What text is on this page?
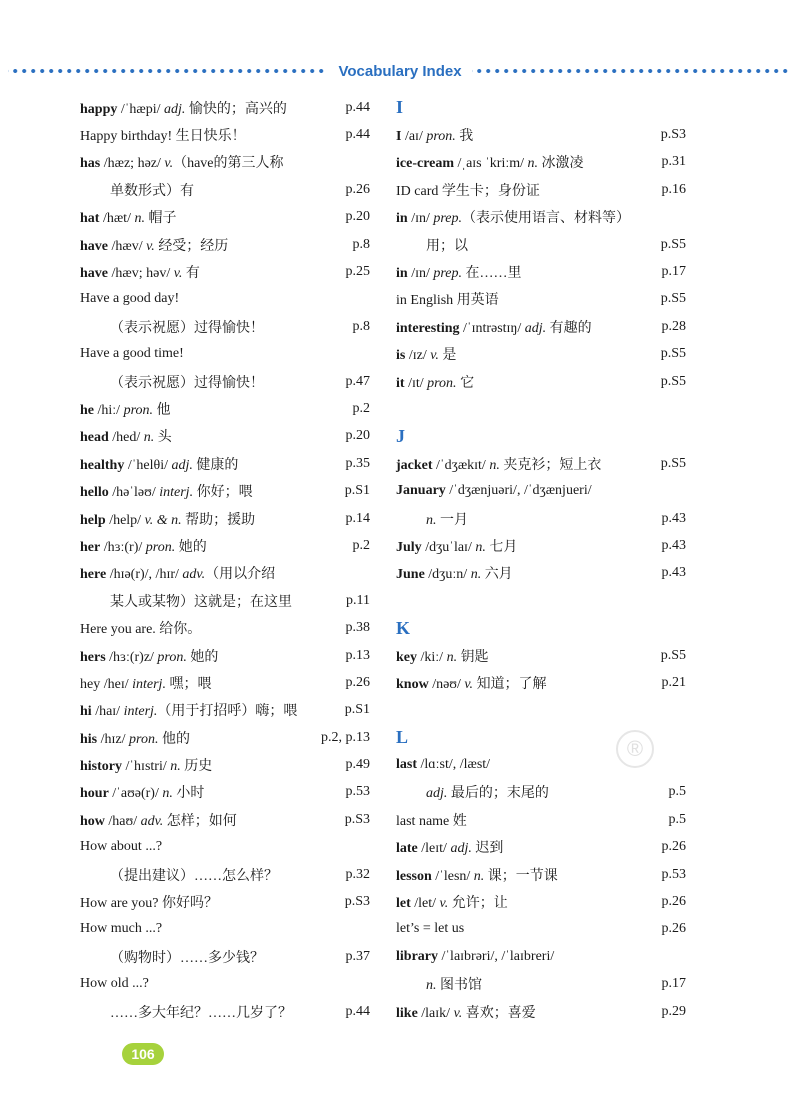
Vocabulary Index
happy /ˈhæpi/ adj. 愉快的；高兴的	p.44
Happy birthday! 生日快乐！	p.44
has /hæz; həz/ v.（have的第三人称
单数形式）有	p.26
hat /hæt/ n. 帽子	p.20
have /hæv/ v. 经受；经历	p.8
have /hæv; həv/ v. 有	p.25
Have a good day!
（表示祝愿）过得愉快！	p.8
Have a good time!
（表示祝愿）过得愉快！	p.47
he /hiː/ pron. 他	p.2
head /hed/ n. 头	p.20
healthy /ˈhelθi/ adj. 健康的	p.35
hello /həˈləʊ/ interj. 你好；喂	p.S1
help /help/ v. & n. 帮助；援助	p.14
her /hɜː(r)/ pron. 她的	p.2
here /hɪə(r)/, /hɪr/ adv.（用以介绍
某人或某物）这就是；在这里	p.11
Here you are. 给你。	p.38
hers /hɜː(r)z/ pron. 她的	p.13
hey /heɪ/ interj. 嘿；喂	p.26
hi /haɪ/ interj.（用于打招呼）嗨；喂	p.S1
his /hɪz/ pron. 他的	p.2, p.13
history /ˈhɪstri/ n. 历史	p.49
hour /ˈaʊə(r)/ n. 小时	p.53
how /haʊ/ adv. 怎样；如何	p.S3
How about ...?
（提出建议）……怎么样？	p.32
How are you? 你好吗？	p.S3
How much ...?
（购物时）……多少钱？	p.37
How old ...?
……多大年纪？……几岁了？	p.44
I
I /aɪ/ pron. 我	p.S3
ice-cream /ˌaɪs ˈkriːm/ n. 冰激凌	p.31
ID card 学生卡；身份证	p.16
in /ɪn/ prep.（表示使用语言、材料等）
用；以	p.S5
in /ɪn/ prep. 在……里	p.17
in English 用英语	p.S5
interesting /ˈɪntrəstɪŋ/ adj. 有趣的	p.28
is /ɪz/ v. 是	p.S5
it /ɪt/ pron. 它	p.S5
J
jacket /ˈdʒækɪt/ n. 夹克衫；短上衣	p.S5
January /ˈdʒænjuəri/, /ˈdʒænjueri/
n. 一月	p.43
July /dʒuˈlaɪ/ n. 七月	p.43
June /dʒuːn/ n. 六月	p.43
K
key /kiː/ n. 钥匙	p.S5
know /nəʊ/ v. 知道；了解	p.21
L
last /lɑːst/, /læst/
adj. 最后的；末尾的	p.5
last name 姓	p.5
late /leɪt/ adj. 迟到	p.26
lesson /ˈlesn/ n. 课；一节课	p.53
let /let/ v. 允许；让	p.26
let’s = let us	p.26
library /ˈlaɪbrəri/, /ˈlaɪbreri/
n. 图书馆	p.17
like /laɪk/ v. 喜欢；喜爱	p.29
®
106
